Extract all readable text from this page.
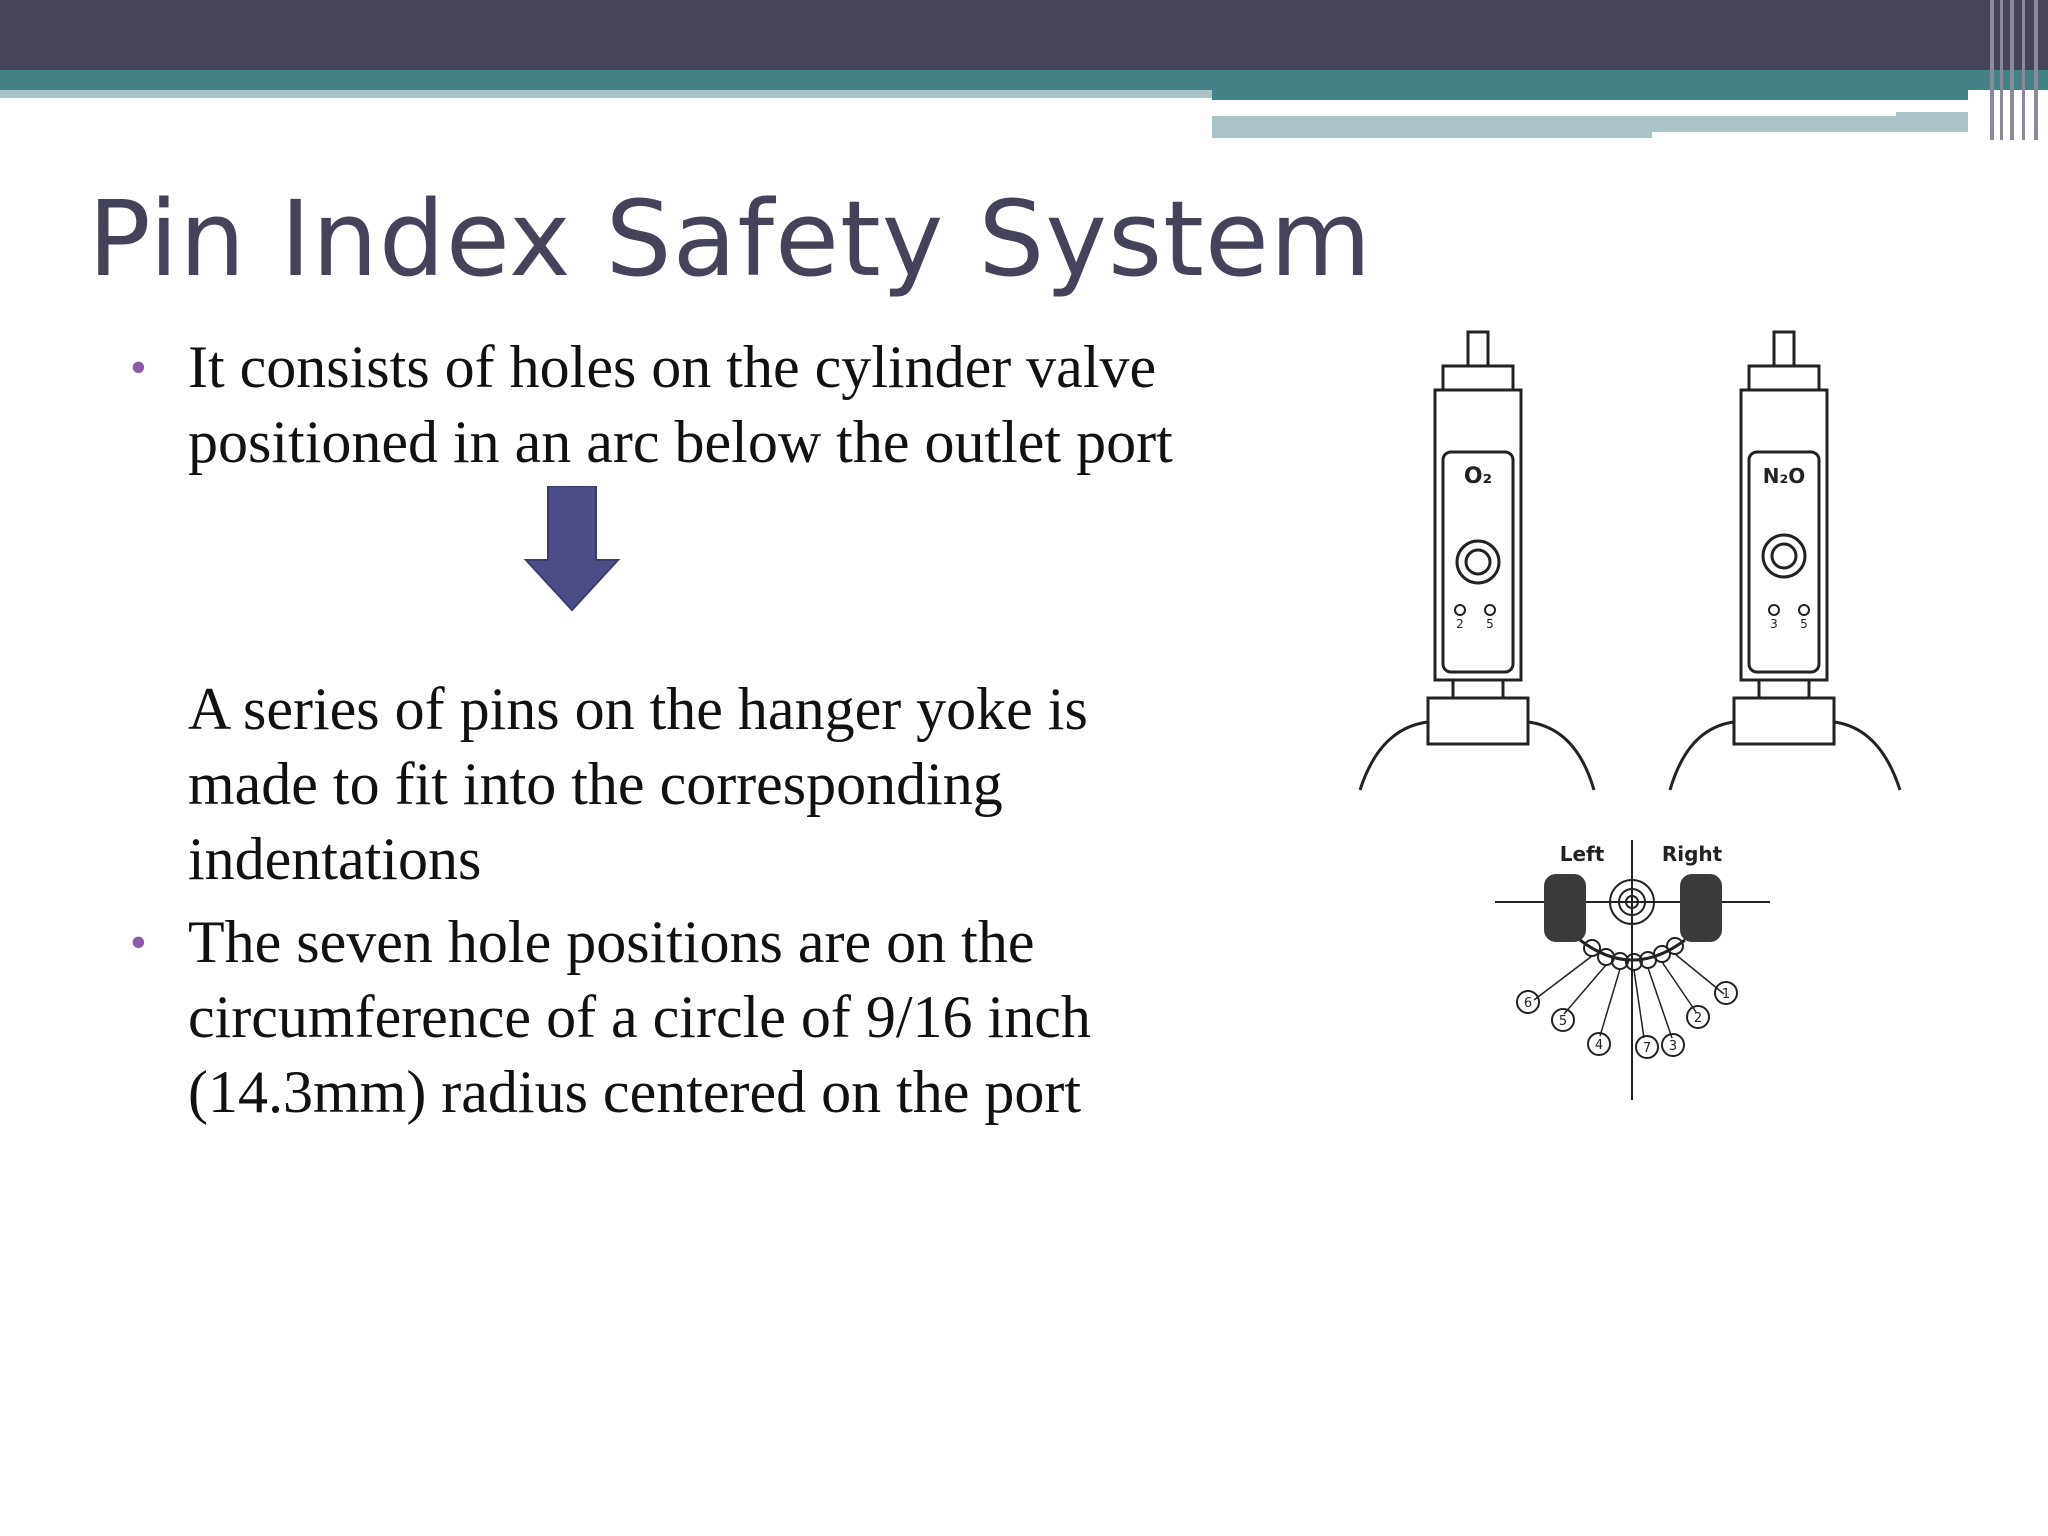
Pin Index Safety System

• It consists of holes on the cylinder valve positioned in an arc below the outlet port

A series of pins on the hanger yoke is made to fit into the corresponding indentations

• The seven hole positions are on the circumference of a circle of 9/16 inch (14.3mm) radius centered on the port

O₂
2 5
N₂O
3 5
Left	Right
1
2
3
4
5
6
7
